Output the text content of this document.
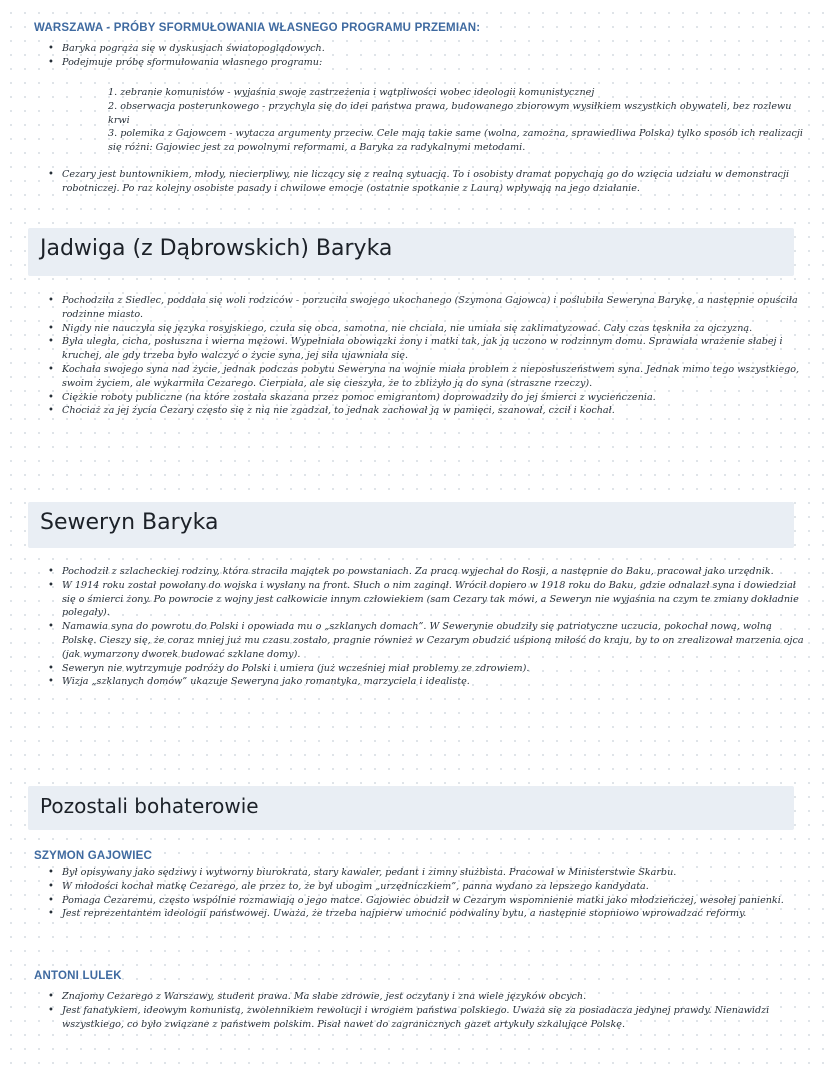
WARSZAWA - PRÓBY SFORMUŁOWANIA WŁASNEGO PROGRAMU PRZEMIAN:
• Baryka pogrąża się w dyskusjach światopoglądowych.
• Podejmuje próbę sformułowania własnego programu:
1. zebranie komunistów - wyjaśnia swoje zastrzeżenia i wątpliwości wobec ideologii komunistycznej
2. obserwacja posterunkowego - przychyla się do idei państwa prawa, budowanego zbiorowym wysiłkiem wszystkich obywateli, bez rozlewu krwi
3. polemika z Gajowcem - wytacza argumenty przeciw. Cele mają takie same (wolna, zamożna, sprawiedliwa Polska) tylko sposób ich realizacji się różni: Gajowiec jest za powolnymi reformami, a Baryka za radykalnymi metodami.
• Cezary jest buntownikiem, młody, niecierpliwy, nie liczący się z realną sytuacją. To i osobisty dramat popychają go do wzięcia udziału w demonstracji robotniczej. Po raz kolejny osobiste pasady i chwilowe emocje (ostatnie spotkanie z Laurą) wpływają na jego działanie.
Jadwiga (z Dąbrowskich) Baryka
• Pochodziła z Siedlec, poddała się woli rodziców - porzuciła swojego ukochanego (Szymona Gajowca) i poślubiła Seweryna Barykę, a następnie opuściła rodzinne miasto.
• Nigdy nie nauczyła się języka rosyjskiego, czuła się obca, samotna, nie chciała, nie umiała się zaklimatyzować. Cały czas tęskniła za ojczyzną.
• Była uległa, cicha, posłuszna i wierna mężowi. Wypełniała obowiązki żony i matki tak, jak ją uczono w rodzinnym domu. Sprawiała wrażenie słabej i kruchej, ale gdy trzeba było walczyć o życie syna, jej siła ujawniała się.
• Kochała swojego syna nad życie, jednak podczas pobytu Seweryna na wojnie miała problem z nieposłuszeństwem syna. Jednak mimo tego wszystkiego, swoim życiem, ale wykarmiła Cezarego. Cierpiała, ale się cieszyła, że to zbliżyło ją do syna (straszne rzeczy).
• Ciężkie roboty publiczne (na które została skazana przez pomoc emigrantom) doprowadziły do jej śmierci z wycieńczenia.
• Chociaż za jej życia Cezary często się z nią nie zgadzał, to jednak zachował ją w pamięci, szanował, czcił i kochał.
Seweryn Baryka
• Pochodził z szlacheckiej rodziny, która straciła majątek po powstaniach. Za pracą wyjechał do Rosji, a następnie do Baku, pracował jako urzędnik.
• W 1914 roku został powołany do wojska i wysłany na front. Słuch o nim zaginął. Wrócił dopiero w 1918 roku do Baku, gdzie odnalazł syna i dowiedział się o śmierci żony. Po powrocie z wojny jest całkowicie innym człowiekiem (sam Cezary tak mówi, a Seweryn nie wyjaśnia na czym te zmiany dokładnie polegały).
• Namawia syna do powrotu do Polski i opowiada mu o „szklanych domach”. W Sewerynie obudziły się patriotyczne uczucia, pokochał nową, wolną Polskę. Cieszy się, że coraz mniej już mu czasu zostało, pragnie również w Cezarym obudzić uśpioną miłość do kraju, by to on zrealizował marzenia ojca (jak wymarzony dworek budować szklane domy).
• Seweryn nie wytrzymuje podróży do Polski i umiera (już wcześniej miał problemy ze zdrowiem).
• Wizja „szklanych domów” ukazuje Seweryna jako romantyka, marzyciela i idealistę.
Pozostali bohaterowie
SZYMON GAJOWIEC
• Był opisywany jako sędziwy i wytworny biurokrata, stary kawaler, pedant i zimny służbista. Pracował w Ministerstwie Skarbu.
• W młodości kochał matkę Cezarego, ale przez to, że był ubogim „urzędniczkiem”, panna wydano za lepszego kandydata.
• Pomaga Cezaremu, często wspólnie rozmawiają o jego matce. Gajowiec obudził w Cezarym wspomnienie matki jako młodzieńczej, wesołej panienki.
• Jest reprezentantem ideologii państwowej. Uważa, że trzeba najpierw umocnić podwaliny bytu, a następnie stopniowo wprowadzać reformy.
ANTONI LULEK
• Znajomy Cezarego z Warszawy, student prawa. Ma słabe zdrowie, jest oczytany i zna wiele języków obcych.
• Jest fanatykiem, ideowym komunistą, zwolennikiem rewolucji i wrogiem państwa polskiego. Uważa się za posiadacza jedynej prawdy. Nienawidzi wszystkiego, co było związane z państwem polskim. Pisał nawet do zagranicznych gazet artykuły szkalujące Polskę.
